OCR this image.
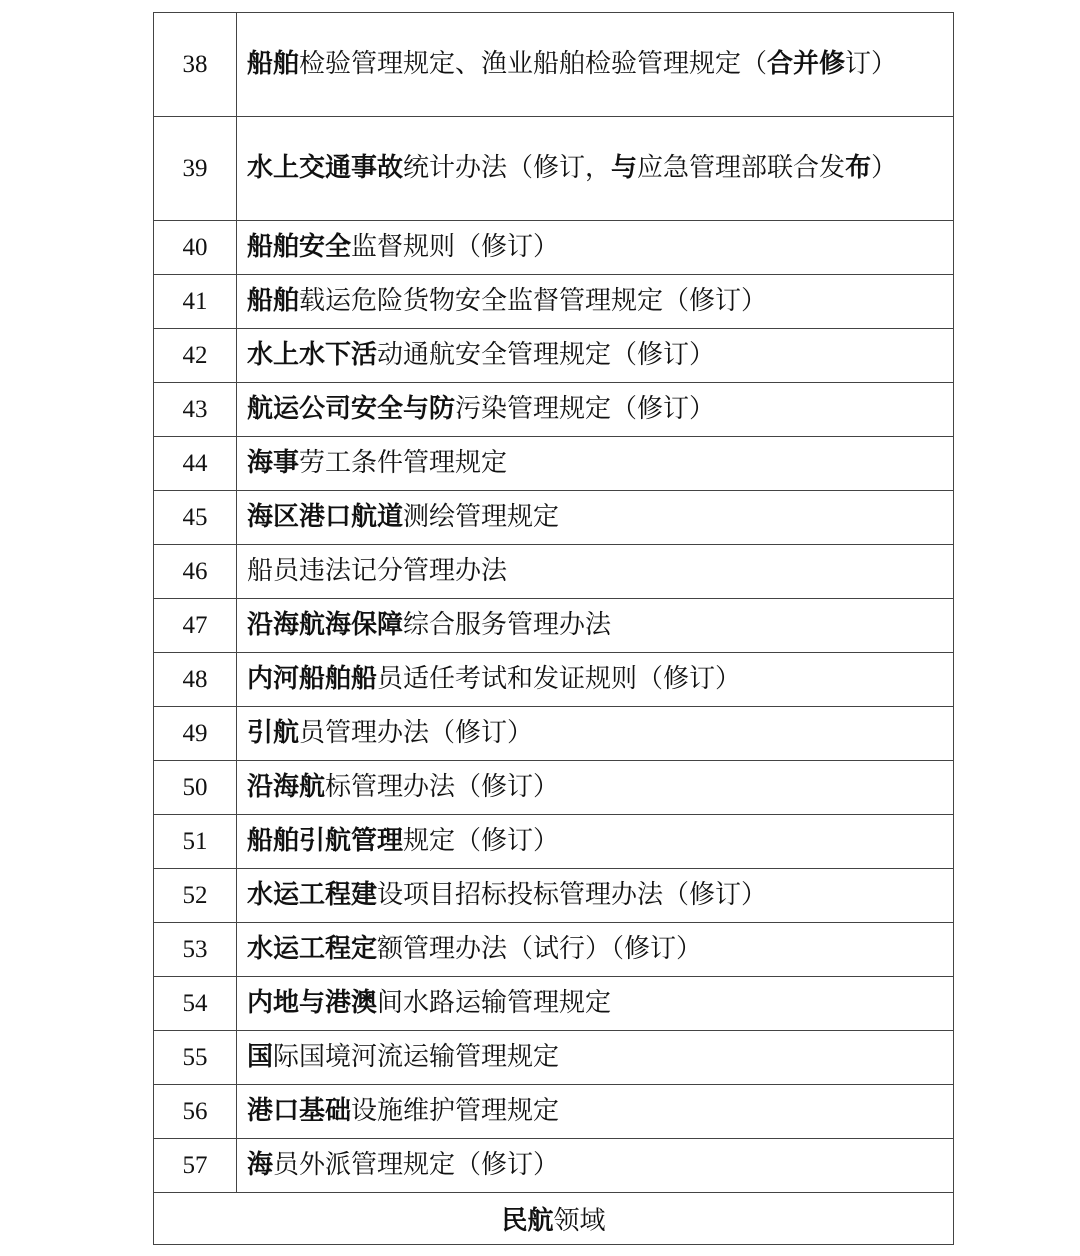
38	船舶检验管理规定、渔业船舶检验管理规定（合并修订）
39	水上交通事故统计办法（修订，与应急管理部联合发布）
40	船舶安全监督规则（修订）
41	船舶载运危险货物安全监督管理规定（修订）
42	水上水下活动通航安全管理规定（修订）
43	航运公司安全与防污染管理规定（修订）
44	海事劳工条件管理规定
45	海区港口航道测绘管理规定
46	船员违法记分管理办法
47	沿海航海保障综合服务管理办法
48	内河船舶船员适任考试和发证规则（修订）
49	引航员管理办法（修订）
50	沿海航标管理办法（修订）
51	船舶引航管理规定（修订）
52	水运工程建设项目招标投标管理办法（修订）
53	水运工程定额管理办法（试行）（修订）
54	内地与港澳间水路运输管理规定
55	国际国境河流运输管理规定
56	港口基础设施维护管理规定
57	海员外派管理规定（修订）
民航领域	
